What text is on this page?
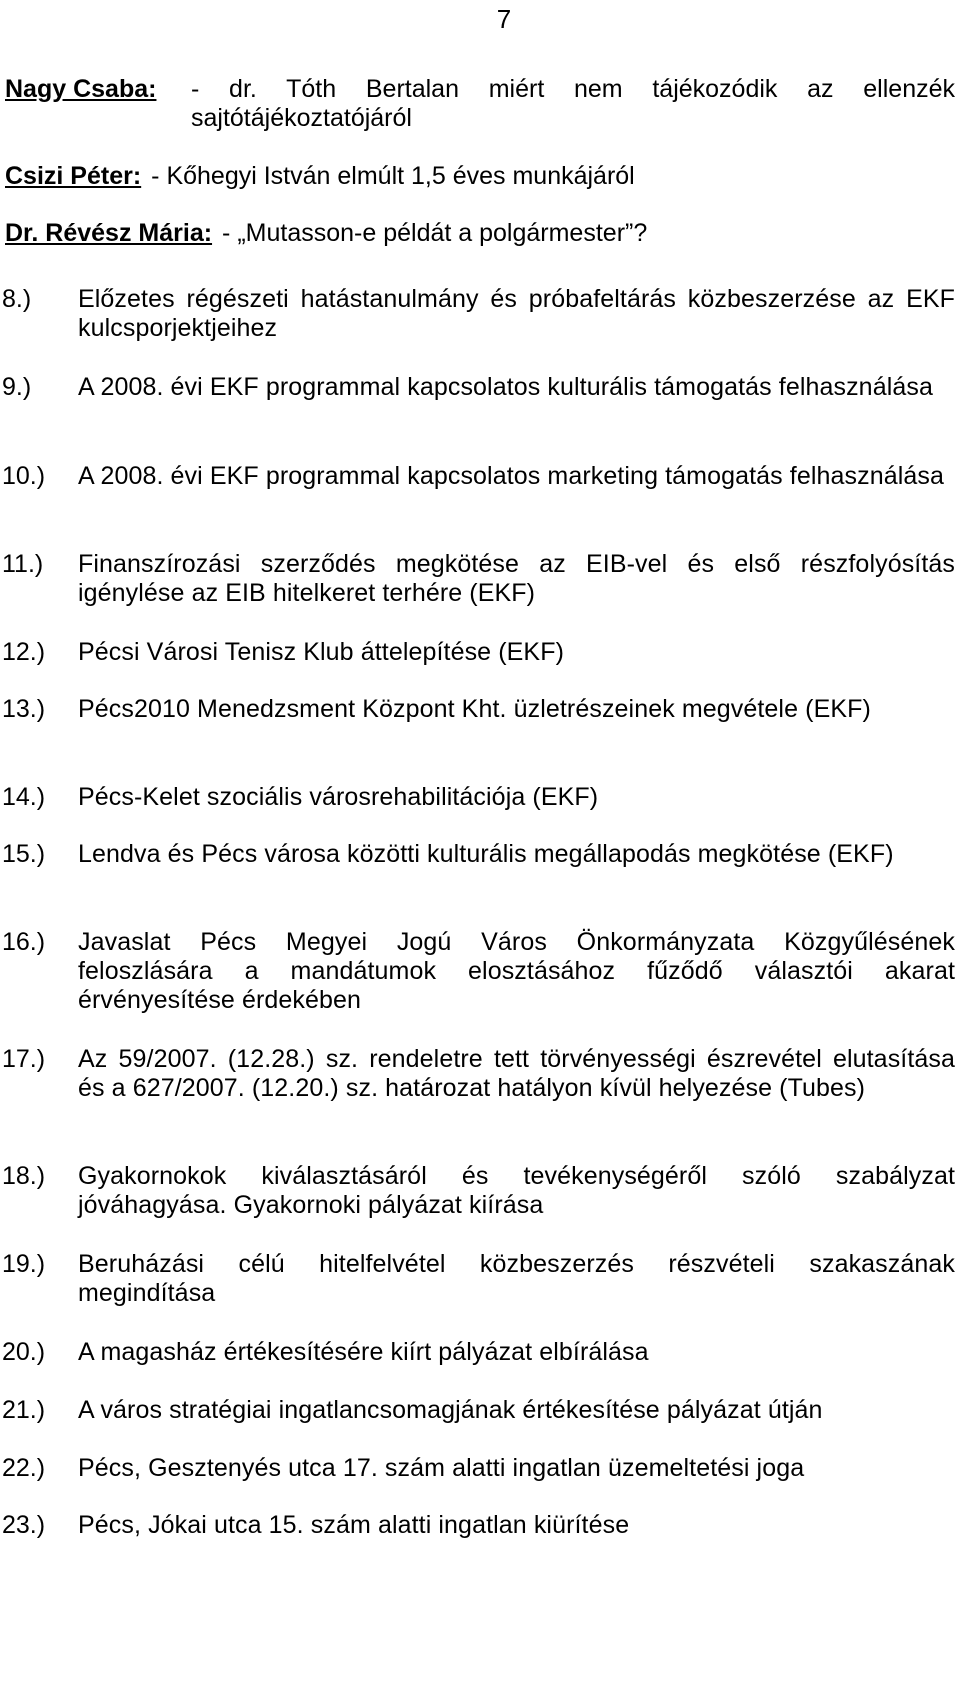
7
Nagy Csaba:	- dr. Tóth Bertalan miért nem tájékozódik az ellenzék sajtótájékoztatójáról
Csizi Péter: - Kőhegyi István elmúlt 1,5 éves munkájáról
Dr. Révész Mária: - „Mutasson-e példát a polgármester”?
8.)	Előzetes régészeti hatástanulmány és próbafeltárás közbeszerzése az EKF kulcsporjektjeihez
9.)	A 2008. évi EKF programmal kapcsolatos kulturális támogatás felhasználása
10.)	A 2008. évi EKF programmal kapcsolatos marketing támogatás felhasználása
11.)	Finanszírozási szerződés megkötése az EIB-vel és első részfolyósítás igénylése az EIB hitelkeret terhére (EKF)
12.)	Pécsi Városi Tenisz Klub áttelepítése (EKF)
13.)	Pécs2010 Menedzsment Központ Kht. üzletrészeinek megvétele (EKF)
14.)	Pécs-Kelet szociális városrehabilitációja (EKF)
15.)	Lendva és Pécs városa közötti kulturális megállapodás megkötése (EKF)
16.)	Javaslat Pécs Megyei Jogú Város Önkormányzata Közgyűlésének feloszlására a mandátumok elosztásához fűződő választói akarat érvényesítése érdekében
17.)	Az 59/2007. (12.28.) sz. rendeletre tett törvényességi észrevétel elutasítása és a 627/2007. (12.20.) sz. határozat hatályon kívül helyezése (Tubes)
18.)	Gyakornokok kiválasztásáról és tevékenységéről szóló szabályzat jóváhagyása. Gyakornoki pályázat kiírása
19.)	Beruházási célú hitelfelvétel közbeszerzés részvételi szakaszának megindítása
20.)	A magasház értékesítésére kiírt pályázat elbírálása
21.)	A város stratégiai ingatlancsomagjának értékesítése pályázat útján
22.)	Pécs, Gesztenyés utca 17. szám alatti ingatlan üzemeltetési joga
23.)	Pécs, Jókai utca 15. szám alatti ingatlan kiürítése
